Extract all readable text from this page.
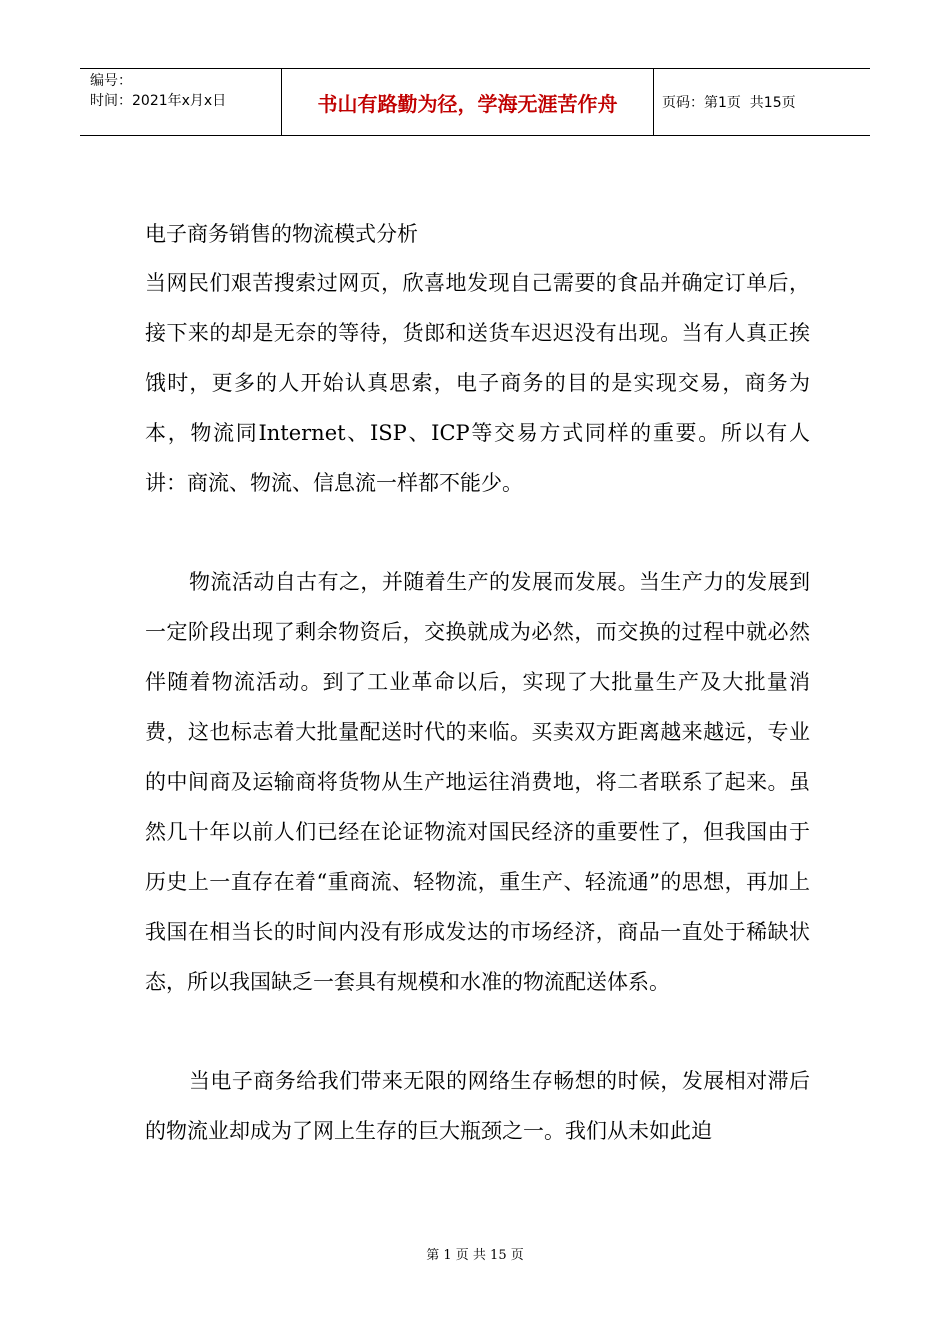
编号：
时间：2021年x月x日	书山有路勤为径，学海无涯苦作舟	页码：第1页  共15页
电子商务销售的物流模式分析

当网民们艰苦搜索过网页，欣喜地发现自己需要的食品并确定订单后，接下来的却是无奈的等待，货郎和送货车迟迟没有出现。当有人真正挨饿时，更多的人开始认真思索，电子商务的目的是实现交易，商务为本，物流同Internet、ISP、ICP等交易方式同样的重要。所以有人讲：商流、物流、信息流一样都不能少。

物流活动自古有之，并随着生产的发展而发展。当生产力的发展到一定阶段出现了剩余物资后，交换就成为必然，而交换的过程中就必然伴随着物流活动。到了工业革命以后，实现了大批量生产及大批量消费，这也标志着大批量配送时代的来临。买卖双方距离越来越远，专业的中间商及运输商将货物从生产地运往消费地，将二者联系了起来。虽然几十年以前人们已经在论证物流对国民经济的重要性了，但我国由于历史上一直存在着“重商流、轻物流，重生产、轻流通”的思想，再加上我国在相当长的时间内没有形成发达的市场经济，商品一直处于稀缺状态，所以我国缺乏一套具有规模和水准的物流配送体系。

当电子商务给我们带来无限的网络生存畅想的时候，发展相对滞后的物流业却成为了网上生存的巨大瓶颈之一。我们从未如此迫

第 1 页 共 15 页
